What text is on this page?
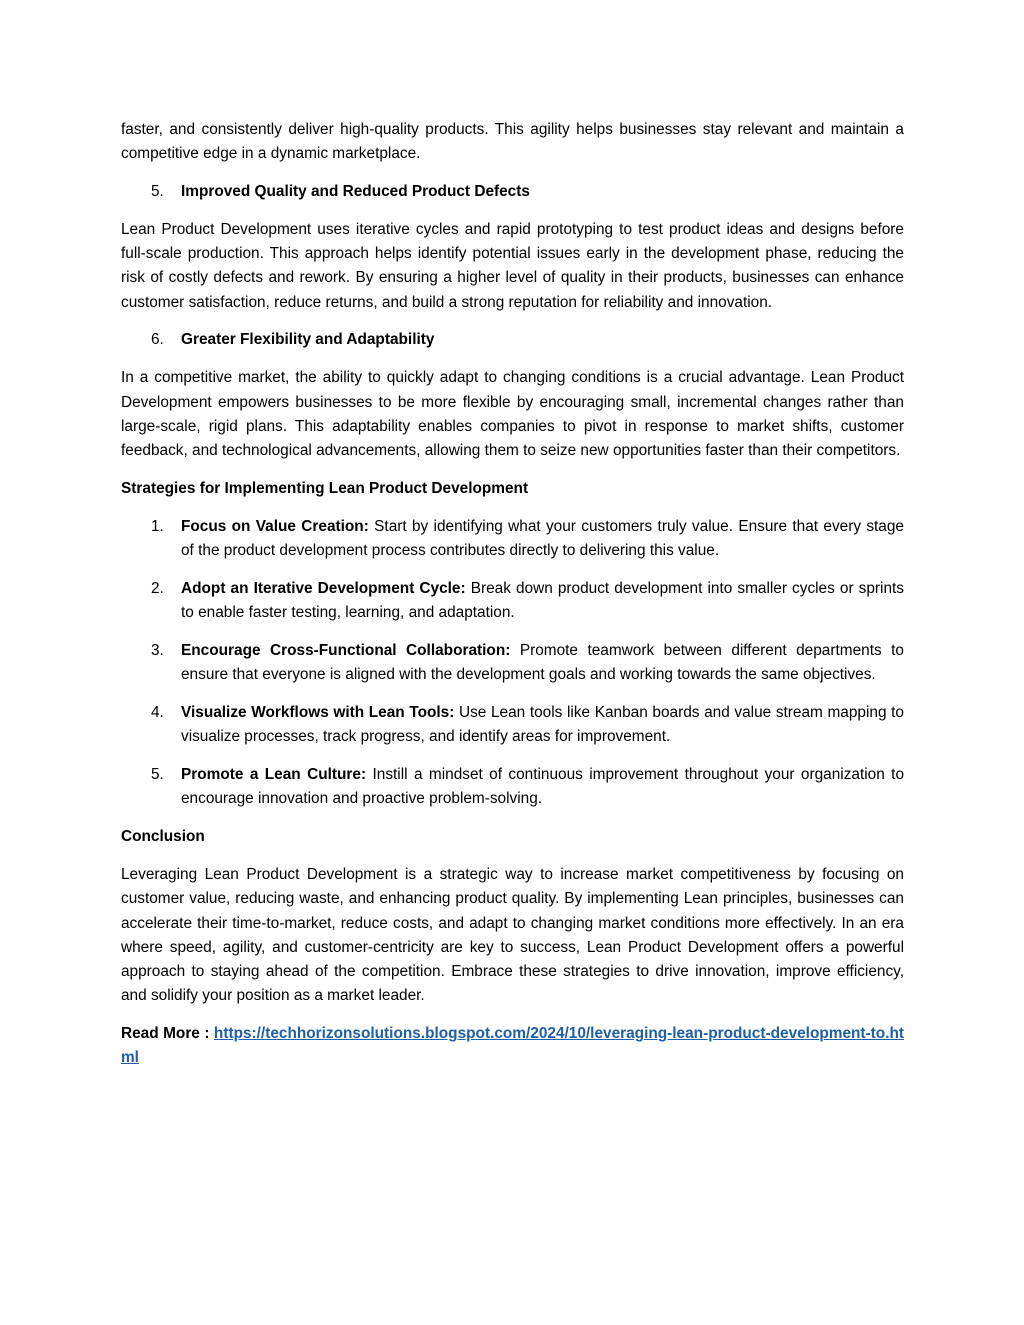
faster, and consistently deliver high-quality products. This agility helps businesses stay relevant and maintain a competitive edge in a dynamic marketplace.

5. Improved Quality and Reduced Product Defects

Lean Product Development uses iterative cycles and rapid prototyping to test product ideas and designs before full-scale production. This approach helps identify potential issues early in the development phase, reducing the risk of costly defects and rework. By ensuring a higher level of quality in their products, businesses can enhance customer satisfaction, reduce returns, and build a strong reputation for reliability and innovation.

6. Greater Flexibility and Adaptability

In a competitive market, the ability to quickly adapt to changing conditions is a crucial advantage. Lean Product Development empowers businesses to be more flexible by encouraging small, incremental changes rather than large-scale, rigid plans. This adaptability enables companies to pivot in response to market shifts, customer feedback, and technological advancements, allowing them to seize new opportunities faster than their competitors.

Strategies for Implementing Lean Product Development
1. Focus on Value Creation: Start by identifying what your customers truly value. Ensure that every stage of the product development process contributes directly to delivering this value.
2. Adopt an Iterative Development Cycle: Break down product development into smaller cycles or sprints to enable faster testing, learning, and adaptation.
3. Encourage Cross-Functional Collaboration: Promote teamwork between different departments to ensure that everyone is aligned with the development goals and working towards the same objectives.
4. Visualize Workflows with Lean Tools: Use Lean tools like Kanban boards and value stream mapping to visualize processes, track progress, and identify areas for improvement.
5. Promote a Lean Culture: Instill a mindset of continuous improvement throughout your organization to encourage innovation and proactive problem-solving.
Conclusion

Leveraging Lean Product Development is a strategic way to increase market competitiveness by focusing on customer value, reducing waste, and enhancing product quality. By implementing Lean principles, businesses can accelerate their time-to-market, reduce costs, and adapt to changing market conditions more effectively. In an era where speed, agility, and customer-centricity are key to success, Lean Product Development offers a powerful approach to staying ahead of the competition. Embrace these strategies to drive innovation, improve efficiency, and solidify your position as a market leader.

Read More : https://techhorizonsolutions.blogspot.com/2024/10/leveraging-lean-product-development-to.html
